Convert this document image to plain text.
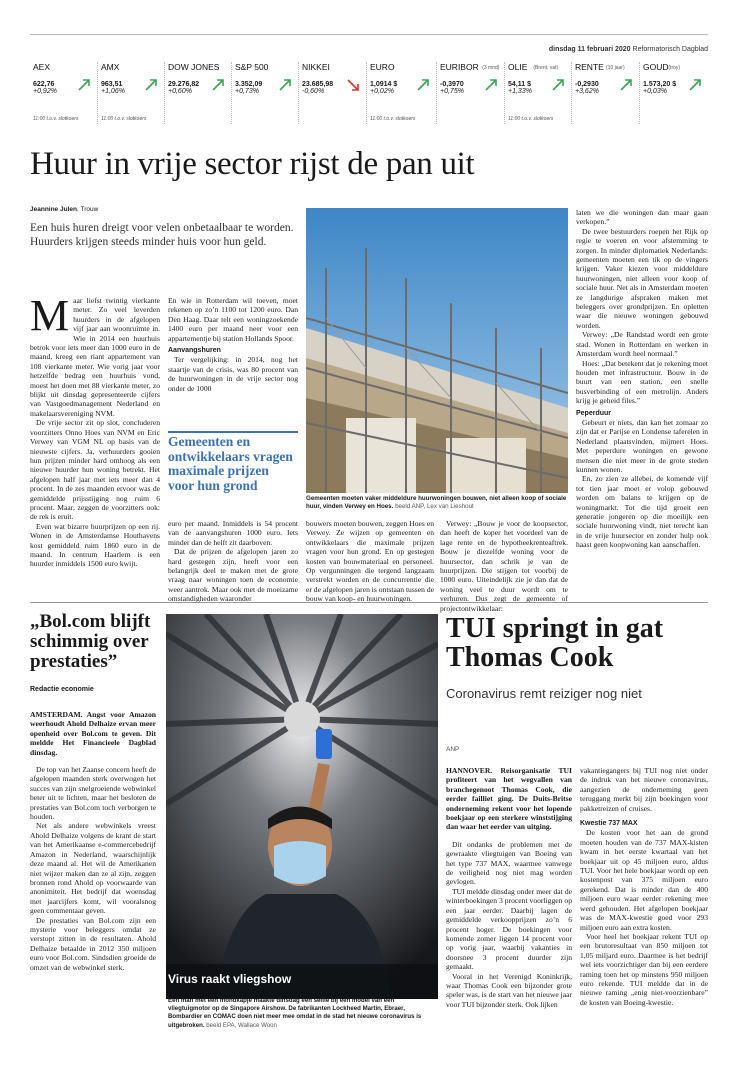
dinsdag 11 februari 2020 Reformatorisch Dagblad
AEX
622,76
+0,92%
11:00 t.o.v. slotkoers
AMX
963,51
+1,06%
11:00 t.o.v. slotkoers
DOW JONES
29.276,82
+0,60%
S&P 500
3.352,09
+0,73%
NIKKEI
23.685,98
-0,60%
EURO
1,0914 $
+0,02%
11:00 t.o.v. slotkoers
EURIBOR (3 mnd)
-0,3970
+0,75%
OLIE	(Brent, vat)
54,11 $
+1,33%
11:00 t.o.v. slotkoers
RENTE (10 jaar)
-0,2930
+3,62%
GOUD (troy)
1.573,20 $
+0,03%
Huur in vrije sector rijst de pan uit
Jeannine Julen, Trouw
Een huis huren dreigt voor velen onbetaalbaar te worden. Huurders krijgen steeds minder huis voor hun geld.
M aar liefst twintig vierkante meter. Zo veel leverden huurders in de afgelopen vijf jaar aan woonruimte in. Wie in 2014 een huurhuis betrok voor iets meer dan 1000 euro in de maand, kreeg een riant appartement van 108 vierkante meter. Wie vorig jaar voor hetzelfde bedrag een huurhuis vond, moest het doen met 88 vierkante meter, zo blijkt uit dinsdag gepresenteerde cijfers van Vastgoedmanagement Nederland en makelaarsvereniging NVM.

De vrije sector zit op slot, concluderen voorzitters Onno Hoes van NVM en Eric Verwey van VGM NL op basis van de nieuwste cijfers. Ja, verhuurders gooien hun prijzen minder hard omhoog als een nieuwe huurder hun woning betrekt. Het afgelopen half jaar met iets meer dan 4 procent. In de zes maanden ervoor was de gemiddelde prijsstijging nog ruim 6 procent. Maar, zeggen de voorzitters ook: de rek is eruit.

Even wat bizarre huurprijzen op een rij. Wonen in de Amsterdamse Houthavens kost gemiddeld ruim 1860 euro in de maand. In centrum Haarlem is een huurder inmiddels 1500 euro kwijt.

En wie in Rotterdam wil toeven, moet rekenen op zo’n 1100 tot 1200 euro. Dan Den Haag. Daar telt een woningzoekende 1400 euro per maand neer voor een appartementje bij station Hollands Spoor.

Aanvangshuren

Ter vergelijking: in 2014, nog het staartje van de crisis, was 80 procent van de huurwoningen in de vrije sector nog onder de 1000

Gemeenten en ontwikkelaars vragen maximale prijzen voor hun grond

euro per maand. Inmiddels is 54 procent van de aanvangshuren 1000 euro. Iets minder dan de helft zit daarboven.

Dat de prijzen de afgelopen jaren zo hard gestegen zijn, heeft voor een belangrijk deel te maken met de grote vraag naar woningen toen de economie weer aantrok. Maar ook met de moeizame omstandigheden waaronder

Gemeenten moeten vaker middeldure huurwoningen bouwen, niet alleen koop of sociale huur, vinden Verwey en Hoes. beeld ANP, Lex van Lieshout

bouwers moeten bouwen, zeggen Hoes en Verwey. Ze wijzen op gemeenten en ontwikkelaars die maximale prijzen vragen voor hun grond. En op gestegen kosten van bouwmateriaal en personeel. Op vergunningen die tergend langzaam verstrekt worden en de concurrentie die er de afgelopen jaren is ontstaan tussen de bouw van koop- en huurwoningen.

Verwey: „Bouw je voor de koopsector, dan heeft de koper het voordeel van de lage rente en de hypotheekrenteaftrek. Bouw je diezelfde woning voor de huursector, dan schrik je van de huurprijzen. Die stijgen tot voorbij de 1000 euro. Uiteindelijk zie je dan dat de woning veel te duur wordt om te verhuren. Dus zegt de gemeente of projectontwikkelaar:

laten we die woningen dan maar gaan verkopen.”

De twee bestuurders roepen het Rijk op regie te voeren en voor afstemming te zorgen. In minder diplomatiek Nederlands: gemeenten moeten een tik op de vingers krijgen. Vaker kiezen voor middeldure huurwoningen, niet alleen voor koop of sociale huur. Net als in Amsterdam moeten ze langdurige afspraken maken met beleggers over grondprijzen. En opletten waar die nieuwe woningen gebouwd worden.

Verwey: „De Randstad wordt een grote stad. Wonen in Rotterdam en werken in Amsterdam wordt heel normaal.”

Hoes: „Dat betekent dat je rekening moet houden met infrastructuur. Bouw in de buurt van een station, een snelle busverbinding of een metrolijn. Anders krijg je geheid files.”

Peperduur

Gebeurt er niets, dan kan het zomaar zo zijn dat er Parijse en Londense taferelen in Nederland plaatsvinden, mijmert Hoes. Met peperdure woningen en gewone mensen die niet meer in de grote steden kunnen wonen.

En, zo zien ze allebei, de komende vijf tot tien jaar moet er volop gebouwd worden om balans te krijgen op de woningmarkt. Tot die tijd groeit een generatie jongeren op die moeilijk een sociale huurwoning vindt, niet terecht kan in de vrije huursector en zonder hulp ook haast geen koopwoning kan aanschaffen.

„Bol.com blijft schimmig over prestaties”
Redactie economie

AMSTERDAM. Angst voor Amazon weerhoudt Ahold Delhaize ervan meer openheid over Bol.com te geven. Dit meldde Het Financieele Dagblad dinsdag.

De top van het Zaanse concern heeft de afgelopen maanden sterk overwogen het succes van zijn snelgroeiende webwinkel beter uit te lichten, maar het besloten de prestaties van Bol.com toch verborgen te houden.

Net als andere webwinkels vreest Ahold Delhaize volgens de krant de start van het Amerikaanse e-commercebedrijf Amazon in Nederland, waarschijnlijk deze maand al. Het wil de Amerikanen niet wijzer maken dan ze al zijn, zeggen bronnen rond Ahold op voorwaarde van anonimiteit. Het bedrijf dat woensdag met jaarcijfers komt, wil vooralsnog geen commentaar geven.

De prestaties van Bol.com zijn een mysterie voor beleggers omdat ze verstopt zitten in de resultaten. Ahold Delhaize betaalde in 2012 350 miljoen euro voor Bol.com. Sindsdien groeide de omzet van de webwinkel sterk.

Virus raakt vliegshow
Een man met een mondkapje maakte dinsdag een selfie bij een model van een vliegtuigmotor op de Singapore Airshow. De fabrikanten Lockheed Martin, Ebraer, Bombardier en COMAC doen niet meer mee omdat in de stad het nieuwe coronavirus is uitgebroken. beeld EPA, Wallace Woon
TUI springt in gat Thomas Cook
Coronavirus remt reiziger nog niet
ANP

HANNOVER. Reisorganisatie TUI profiteert van het wegvallen van branchegenoot Thomas Cook, die eerder failliet ging. De Duits-Britse onderneming rekent voor het lopende boekjaar op een sterkere winststijging dan waar het eerder van uitging.

Dit ondanks de problemen met de gewraakte vliegtuigen van Boeing van het type 737 MAX, waarmee vanwege de veiligheid nog niet mag worden gevlogen.

TUI meldde dinsdag onder meer dat de winterboekingen 3 procent voorliggen op een jaar eerder. Daarbij lagen de gemiddelde verkoopprijzen zo’n 6 procent hoger. De boekingen voor komende zomer liggen 14 procent voor op vorig jaar, waarbij vakanties in doorsnee 3 procent duurder zijn gemaakt.

Vooral in het Verenigd Koninkrijk, waar Thomas Cook een bijzonder grote speler was, is de start van het nieuwe jaar voor TUI bijzonder sterk. Ook lijken

vakantiegangers bij TUI nog niet onder de indruk van het nieuwe coronavirus, aangezien de onderneming geen teruggang merkt bij zijn boekingen voor pakketreizen of cruises.

Kwestie 737 MAX

De kosten voor het aan de grond moeten houden van de 737 MAX-kisten kwam in het eerste kwartaal van het boekjaar uit op 45 miljoen euro, aldus TUI. Voor het hele boekjaar wordt op een kostenpost van 375 miljoen euro gerekend. Dat is minder dan de 400 miljoen euro waar eerder rekening mee werd gehouden. Het afgelopen boekjaar was de MAX-kwestie goed voor 293 miljoen euro aan extra kosten.

Voor heel het boekjaar rekent TUI op een brutoresultaat van 850 miljoen tot 1,05 miljard euro. Daarmee is het bedrijf wel iets voorzichtiger dan bij een eerdere raming toen het op minstens 950 miljoen euro rekende. TUI meldde dat in de nieuwe raming „enig niet-voorzienbare” de kosten van Boeing-kwestie.
